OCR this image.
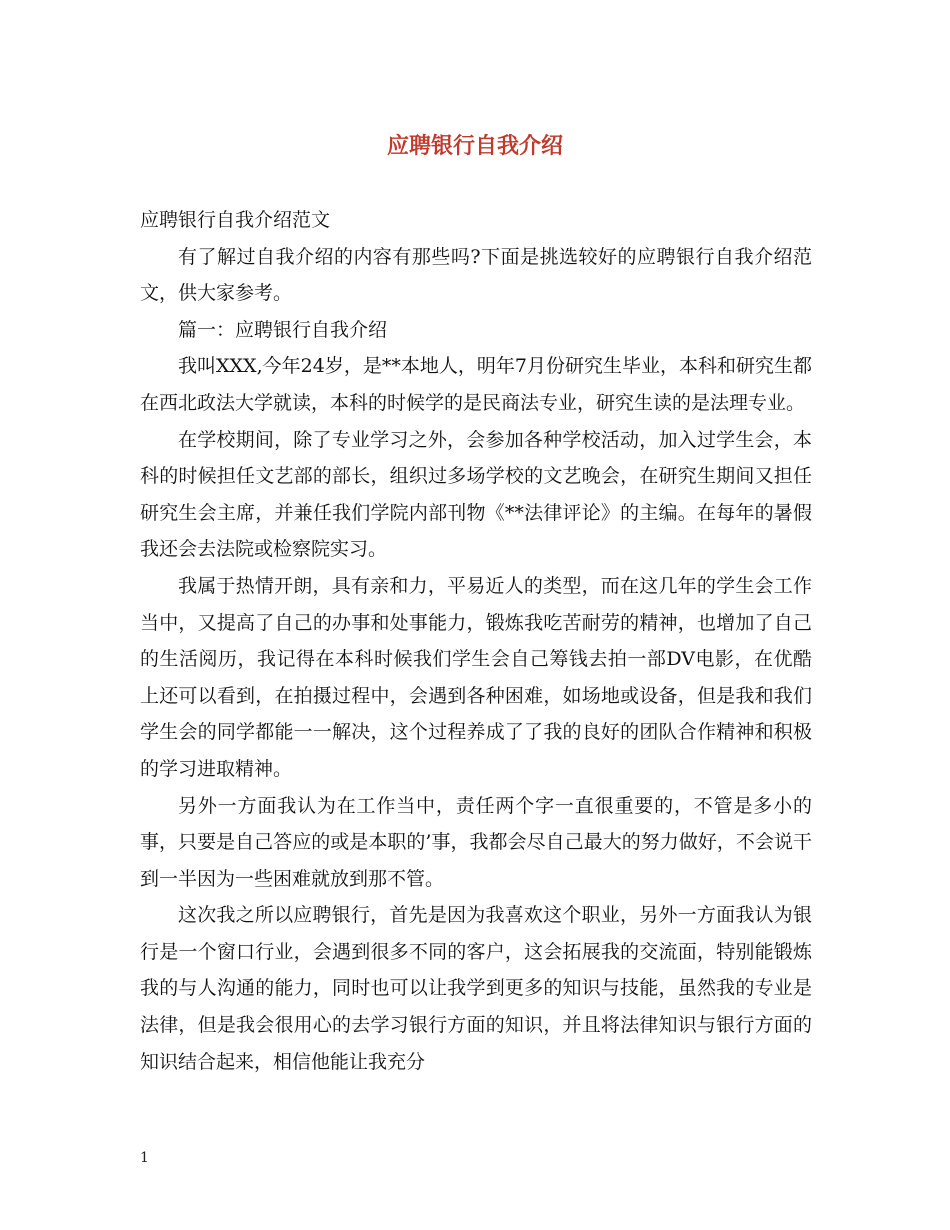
应聘银行自我介绍

应聘银行自我介绍范文

有了解过自我介绍的内容有那些吗?下面是挑选较好的应聘银行自我介绍范文，供大家参考。

篇一：应聘银行自我介绍

我叫XXX,今年24岁，是**本地人，明年7月份研究生毕业，本科和研究生都在西北政法大学就读，本科的时候学的是民商法专业，研究生读的是法理专业。

在学校期间，除了专业学习之外，会参加各种学校活动，加入过学生会，本科的时候担任文艺部的部长，组织过多场学校的文艺晚会，在研究生期间又担任研究生会主席，并兼任我们学院内部刊物《**法律评论》的主编。在每年的暑假我还会去法院或检察院实习。

我属于热情开朗，具有亲和力，平易近人的类型，而在这几年的学生会工作当中，又提高了自己的办事和处事能力，锻炼我吃苦耐劳的精神，也增加了自己的生活阅历，我记得在本科时候我们学生会自己筹钱去拍一部DV电影，在优酷上还可以看到，在拍摄过程中，会遇到各种困难，如场地或设备，但是我和我们学生会的同学都能一一解决，这个过程养成了了我的良好的团队合作精神和积极的学习进取精神。

另外一方面我认为在工作当中，责任两个字一直很重要的，不管是多小的事，只要是自己答应的或是本职的’事，我都会尽自己最大的努力做好，不会说干到一半因为一些困难就放到那不管。

这次我之所以应聘银行，首先是因为我喜欢这个职业，另外一方面我认为银行是一个窗口行业，会遇到很多不同的客户，这会拓展我的交流面，特别能锻炼我的与人沟通的能力，同时也可以让我学到更多的知识与技能，虽然我的专业是法律，但是我会很用心的去学习银行方面的知识，并且将法律知识与银行方面的知识结合起来，相信他能让我充分

1
